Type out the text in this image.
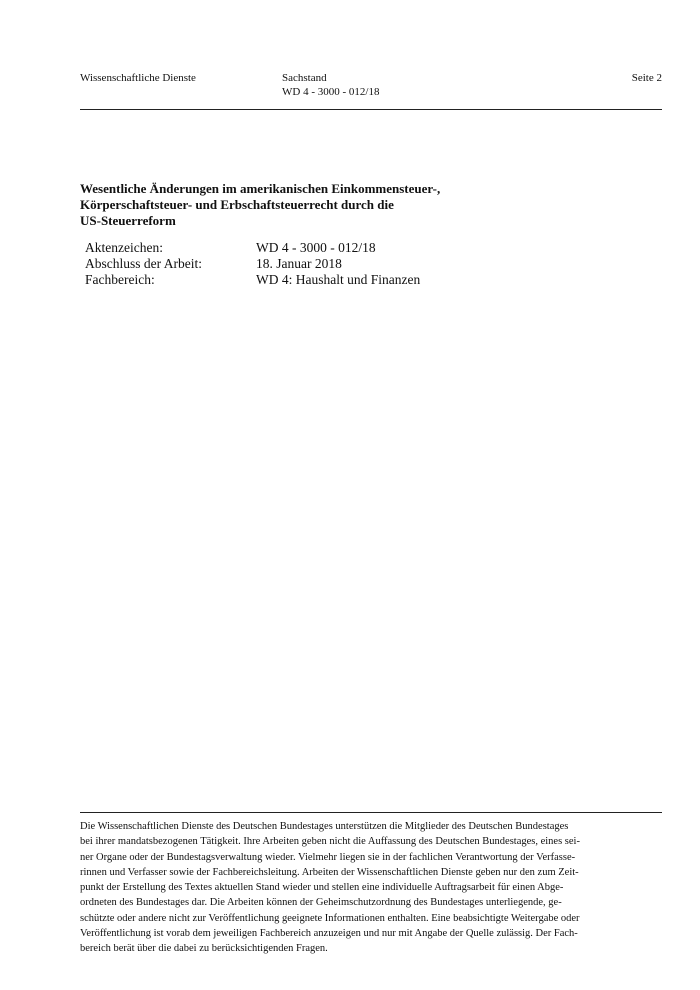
Wissenschaftliche Dienste	Sachstand
WD 4 - 3000 - 012/18
Seite 2
Wesentliche Änderungen im amerikanischen Einkommensteuer-,
Körperschaftsteuer- und Erbschaftsteuerrecht durch die
US-Steuerreform
Aktenzeichen:	WD 4 - 3000 - 012/18
Abschluss der Arbeit:	18. Januar 2018
Fachbereich:	WD 4: Haushalt und Finanzen

Die Wissenschaftlichen Dienste des Deutschen Bundestages unterstützen die Mitglieder des Deutschen Bundestages
bei ihrer mandatsbezogenen Tätigkeit. Ihre Arbeiten geben nicht die Auffassung des Deutschen Bundestages, eines sei-
ner Organe oder der Bundestagsverwaltung wieder. Vielmehr liegen sie in der fachlichen Verantwortung der Verfasse-
rinnen und Verfasser sowie der Fachbereichsleitung. Arbeiten der Wissenschaftlichen Dienste geben nur den zum Zeit-
punkt der Erstellung des Textes aktuellen Stand wieder und stellen eine individuelle Auftragsarbeit für einen Abge-
ordneten des Bundestages dar. Die Arbeiten können der Geheimschutzordnung des Bundestages unterliegende, ge-
schützte oder andere nicht zur Veröffentlichung geeignete Informationen enthalten. Eine beabsichtigte Weitergabe oder
Veröffentlichung ist vorab dem jeweiligen Fachbereich anzuzeigen und nur mit Angabe der Quelle zulässig. Der Fach-
bereich berät über die dabei zu berücksichtigenden Fragen.
